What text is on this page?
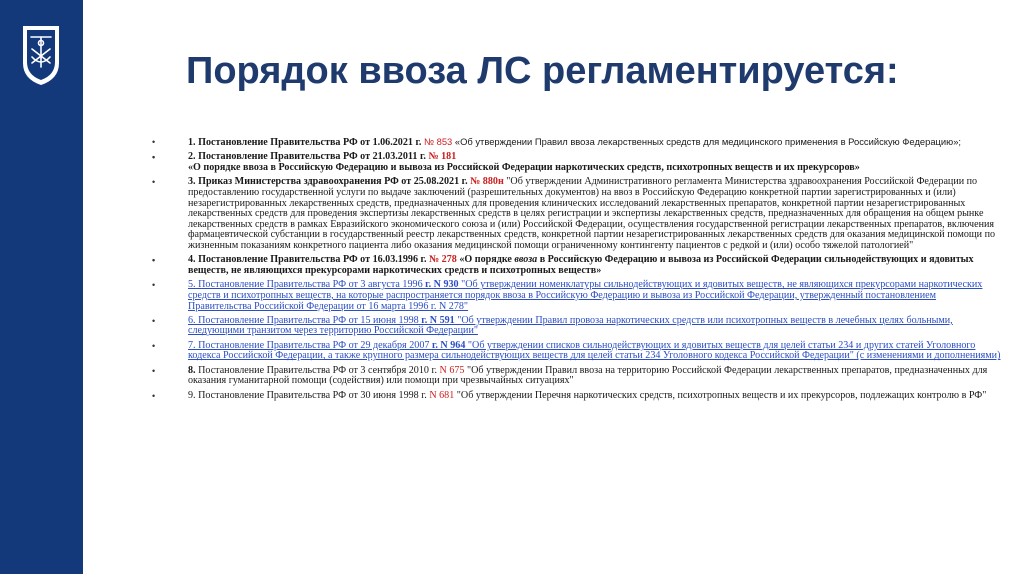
Порядок ввоза ЛС регламентируется:
•	1. Постановление Правительства РФ от 1.06.2021 г. № 853 «Об утверждении Правил ввоза лекарственных средств для медицинского применения в Российскую Федерацию»;
•	2. Постановление Правительства РФ от 21.03.2011 г. № 181
«О порядке ввоза в Российскую Федерацию и вывоза из Российской Федерации наркотических средств, психотропных веществ и их прекурсоров»
•	3. Приказ Министерства здравоохранения РФ от 25.08.2021 г. № 880н "Об утверждении Административного регламента Министерства здравоохранения Российской Федерации по предоставлению государственной услуги по выдаче заключений (разрешительных документов) на ввоз в Российскую Федерацию конкретной партии зарегистрированных и (или) незарегистрированных лекарственных средств, предназначенных для проведения клинических исследований лекарственных препаратов, конкретной партии незарегистрированных лекарственных средств для проведения экспертизы лекарственных средств в целях регистрации и экспертизы лекарственных средств, предназначенных для обращения на общем рынке лекарственных средств в рамках Евразийского экономического союза и (или) Российской Федерации, осуществления государственной регистрации лекарственных препаратов, включения фармацевтической субстанции в государственный реестр лекарственных средств, конкретной партии незарегистрированных лекарственных средств для оказания медицинской помощи по жизненным показаниям конкретного пациента либо оказания медицинской помощи ограниченному контингенту пациентов с редкой и (или) особо тяжелой патологией"
•	4. Постановление Правительства РФ от 16.03.1996 г. № 278 «О порядке ввоза в Российскую Федерацию и вывоза из Российской Федерации сильнодействующих и ядовитых веществ, не являющихся прекурсорами наркотических средств и психотропных веществ»
•	5. Постановление Правительства РФ от 3 августа 1996 г. N 930 "Об утверждении номенклатуры сильнодействующих и ядовитых веществ, не являющихся прекурсорами наркотических средств и психотропных веществ, на которые распространяется порядок ввоза в Российскую Федерацию и вывоза из Российской Федерации, утвержденный постановлением Правительства Российской Федерации от 16 марта 1996 г. N 278"
•	6. Постановление Правительства РФ от 15 июня 1998 г. N 591 "Об утверждении Правил провоза наркотических средств или психотропных веществ в лечебных целях больными, следующими транзитом через территорию Российской Федерации"
•	7. Постановление Правительства РФ от 29 декабря 2007 г. N 964 "Об утверждении списков сильнодействующих и ядовитых веществ для целей статьи 234 и других статей Уголовного кодекса Российской Федерации, а также крупного размера сильнодействующих веществ для целей статьи 234 Уголовного кодекса Российской Федерации" (с изменениями и дополнениями)
•	8. Постановление Правительства РФ от 3 сентября 2010 г. N 675 "Об утверждении Правил ввоза на территорию Российской Федерации лекарственных препаратов, предназначенных для оказания гуманитарной помощи (содействия) или помощи при чрезвычайных ситуациях"
•	9. Постановление Правительства РФ от 30 июня 1998 г. N 681 "Об утверждении Перечня наркотических средств, психотропных веществ и их прекурсоров, подлежащих контролю в РФ"
